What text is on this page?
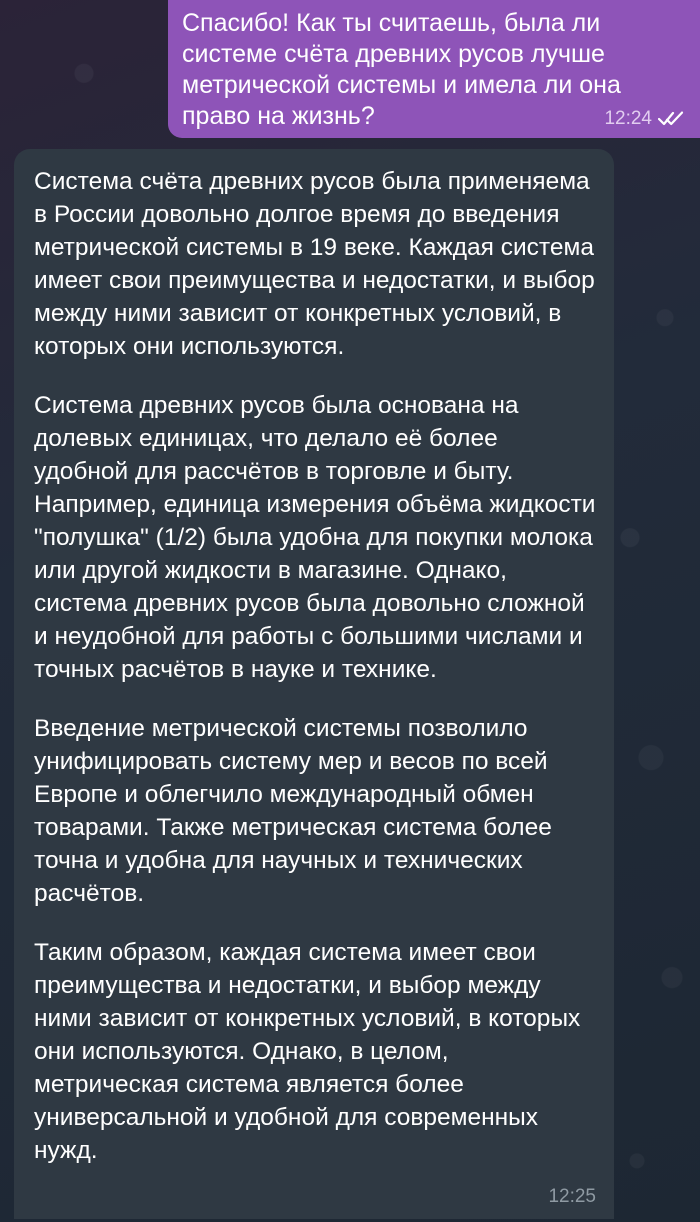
Спасибо! Как ты считаешь, была ли системе счёта древних русов лучше метрической системы и имела ли она право на жизнь?	12:24

Система счёта древних русов была применяема в России довольно долгое время до введения метрической системы в 19 веке. Каждая система имеет свои преимущества и недостатки, и выбор между ними зависит от конкретных условий, в которых они используются.

Система древних русов была основана на долевых единицах, что делало её более удобной для рассчётов в торговле и быту. Например, единица измерения объёма жидкости "полушка" (1/2) была удобна для покупки молока или другой жидкости в магазине. Однако, система древних русов была довольно сложной и неудобной для работы с большими числами и точных расчётов в науке и технике.

Введение метрической системы позволило унифицировать систему мер и весов по всей Европе и облегчило международный обмен товарами. Также метрическая система более точна и удобна для научных и технических расчётов.

Таким образом, каждая система имеет свои преимущества и недостатки, и выбор между ними зависит от конкретных условий, в которых они используются. Однако, в целом, метрическая система является более универсальной и удобной для современных нужд.

12:25
